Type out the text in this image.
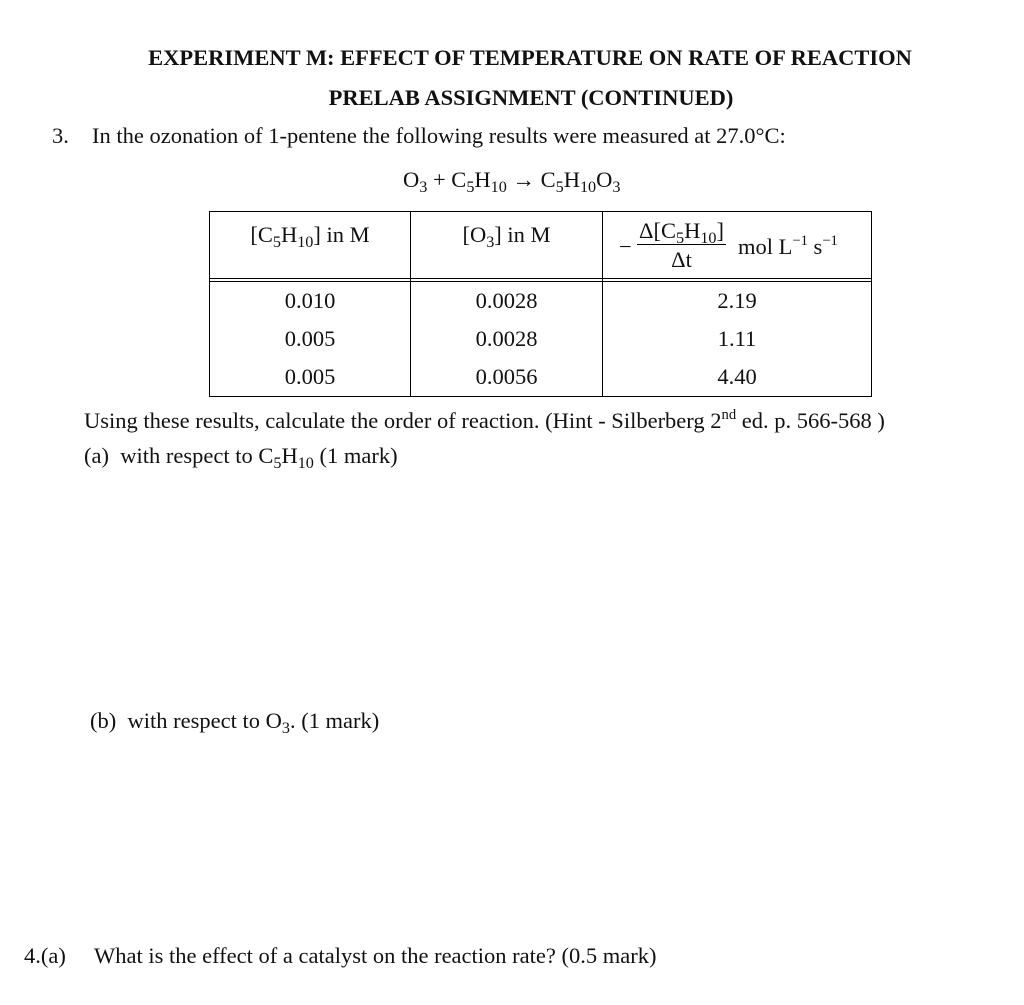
EXPERIMENT M: EFFECT OF TEMPERATURE ON RATE OF REACTION
PRELAB ASSIGNMENT (CONTINUED)
3. In the ozonation of 1-pentene the following results were measured at 27.0°C:
$O_3 + C_5H_{10} \to C_5H_{10}O_3$
$[C_5H_{10}]$ in M	$[O_3]$ in M	− $\frac{\Delta[C_5H_{10}]}{\Delta t}$ mol $L^{-1}$ $s^{-1}$

0.010	0.0028	2.19
0.005	0.0028	1.11
0.005	0.0056	4.40
Using these results, calculate the order of reaction. (Hint - Silberberg 2nd ed. p. 566-568 )
(a) with respect to $C_5H_{10}$ (1 mark)
(b) with respect to $O_3$. (1 mark)
4.(a) What is the effect of a catalyst on the reaction rate? (0.5 mark)
